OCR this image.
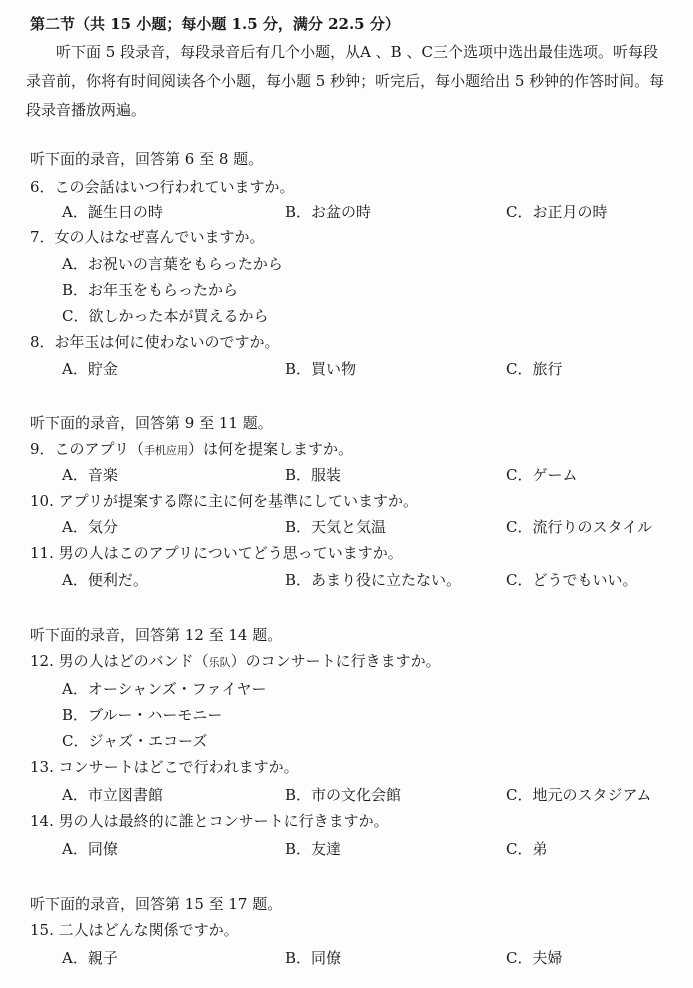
第二节（共 15 小题；每小题 1.5 分，满分 22.5 分）
听下面 5 段录音，每段录音后有几个小题，从A 、B 、C三个选项中选出最佳选项。听每段录音前，你将有时间阅读各个小题，每小题 5 秒钟；听完后，每小题给出 5 秒钟的作答时间。每段录音播放两遍。
听下面的录音，回答第 6 至 8 题。
6．この会話はいつ行われていますか。
A．誕生日の時	B．お盆の時	C．お正月の時
7．女の人はなぜ喜んでいますか。
A．お祝いの言葉をもらったから
B．お年玉をもらったから
C．欲しかった本が買えるから
8．お年玉は何に使わないのですか。
A．貯金	B．買い物	C．旅行
听下面的录音，回答第 9 至 11 题。
9．このアプリ（手机应用）は何を提案しますか。
A．音楽	B．服装	C．ゲーム
10. アプリが提案する際に主に何を基準にしていますか。
A．気分	B．天気と気温	C．流行りのスタイル
11. 男の人はこのアプリについてどう思っていますか。
A．便利だ。	B．あまり役に立たない。	C．どうでもいい。
听下面的录音，回答第 12 至 14 题。
12. 男の人はどのバンド（乐队）のコンサートに行きますか。
A．オーシャンズ・ファイヤー
B．ブルー・ハーモニー
C．ジャズ・エコーズ
13. コンサートはどこで行われますか。
A．市立図書館	B．市の文化会館	C．地元のスタジアム
14. 男の人は最終的に誰とコンサートに行きますか。
A．同僚	B．友達	C．弟
听下面的录音，回答第 15 至 17 题。
15. 二人はどんな関係ですか。
A．親子	B．同僚	C．夫婦
